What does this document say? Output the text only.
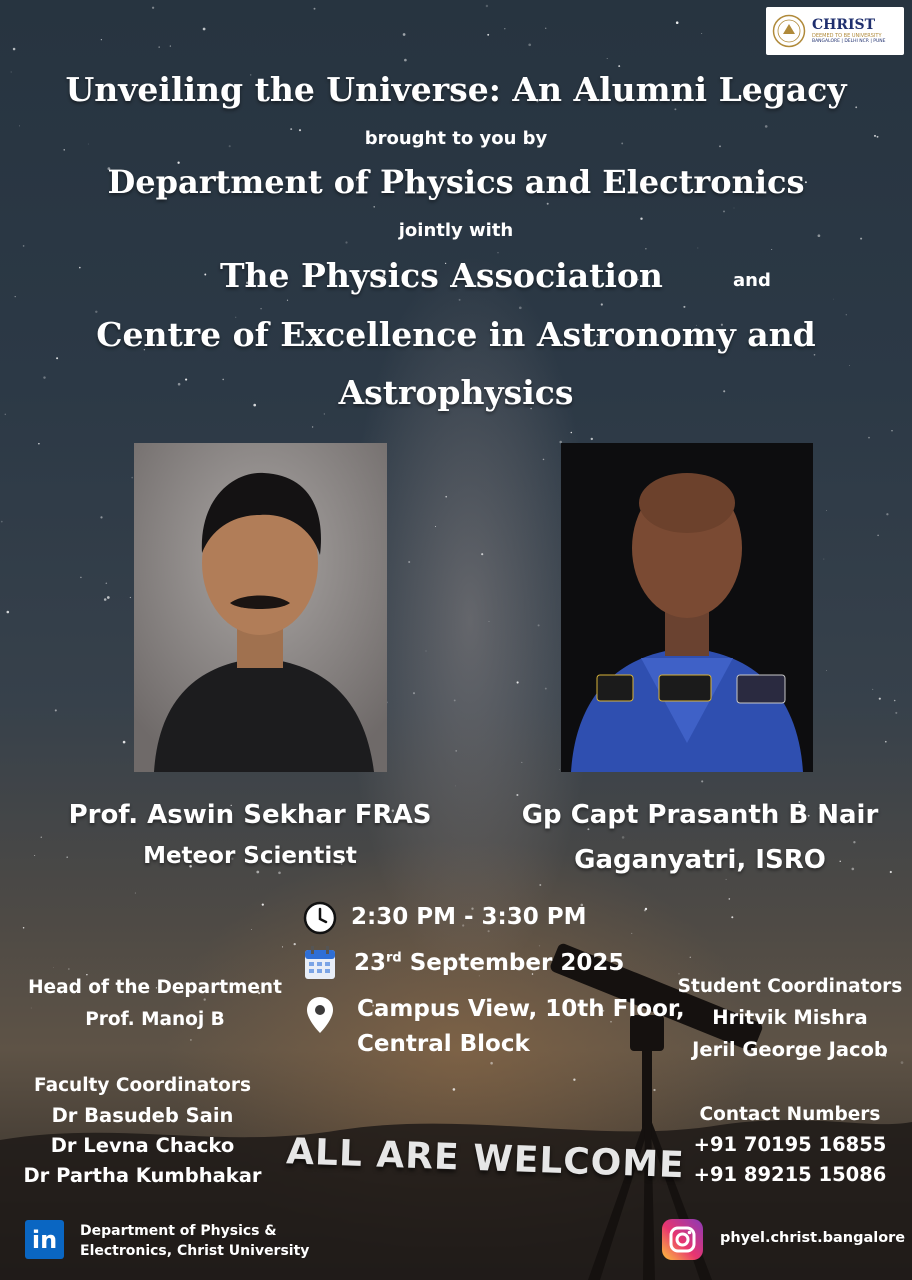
CHRIST
DEEMED TO BE UNIVERSITY
BANGALORE | DELHI NCR | PUNE
Unveiling the Universe: An Alumni Legacy
brought to you by
Department of Physics and Electronics
jointly with
The Physics Association	and
Centre of Excellence in Astronomy and
Astrophysics
Prof. Aswin Sekhar FRAS
Meteor Scientist
Gp Capt Prasanth B Nair
Gaganyatri, ISRO
2:30 PM - 3:30 PM
23rd September 2025
Campus View, 10th Floor,
Central Block
Head of the Department
Prof. Manoj B
Faculty Coordinators
Dr Basudeb Sain
Dr Levna Chacko
Dr Partha Kumbhakar
Student Coordinators
Hritvik Mishra
Jeril George Jacob
Contact Numbers
+91 70195 16855
+91 89215 15086
ALL ARE WELCOME
in Department of Physics &
Electronics, Christ University
phyel.christ.bangalore
